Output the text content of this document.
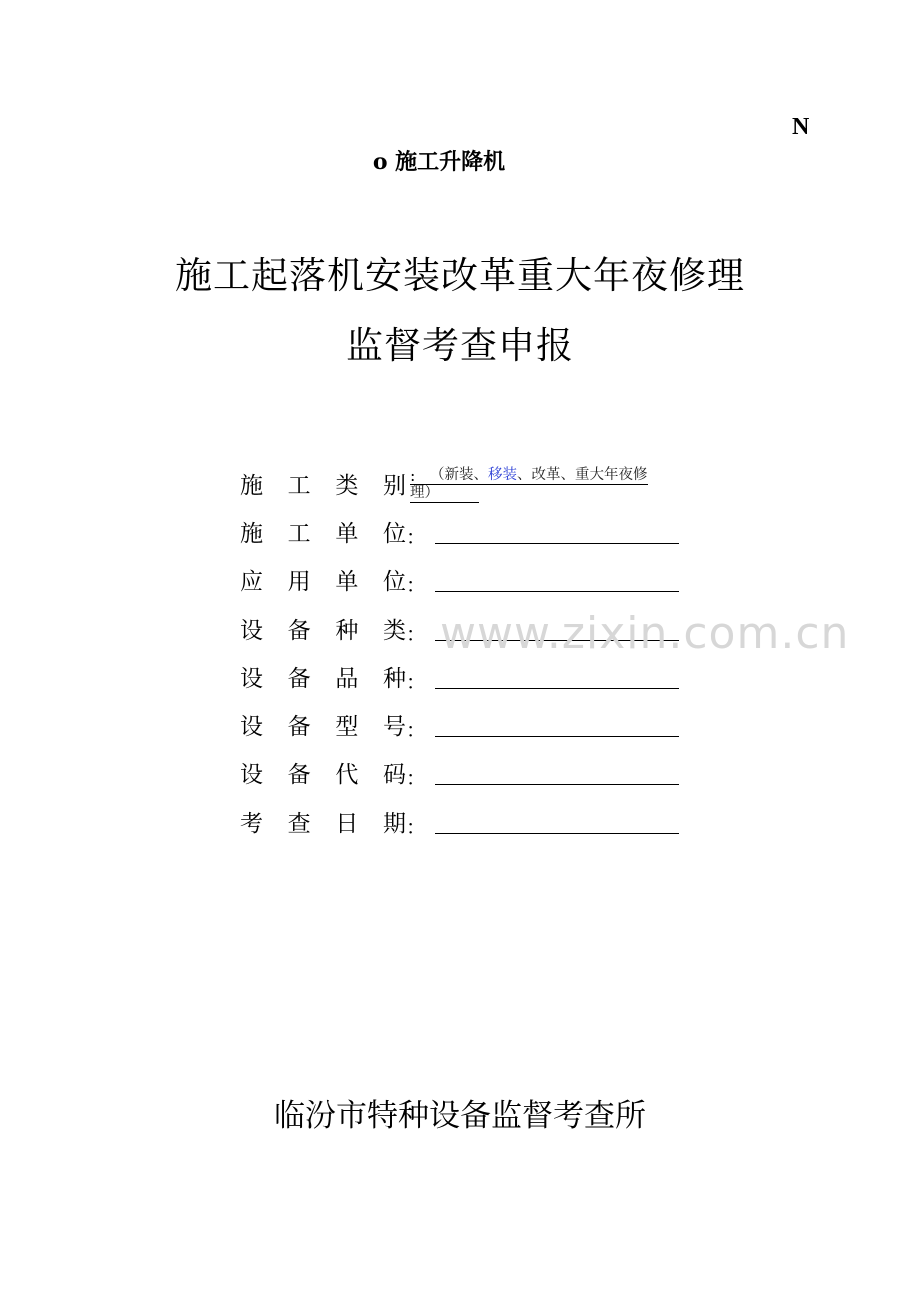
N
o 施工升降机
施工起落机安装改革重大年夜修理
监督考查申报
施 工 类 别 :	（新装、移装、改革、重大年夜修
理）
施 工 单 位 ：
应 用 单 位 ：
设 备 种 类 ：
设 备 品 种 ：
设 备 型 号 ：
设 备 代 码 ：
考 查 日 期 ：
www.zixin.com.cn
临汾市特种设备监督考查所
